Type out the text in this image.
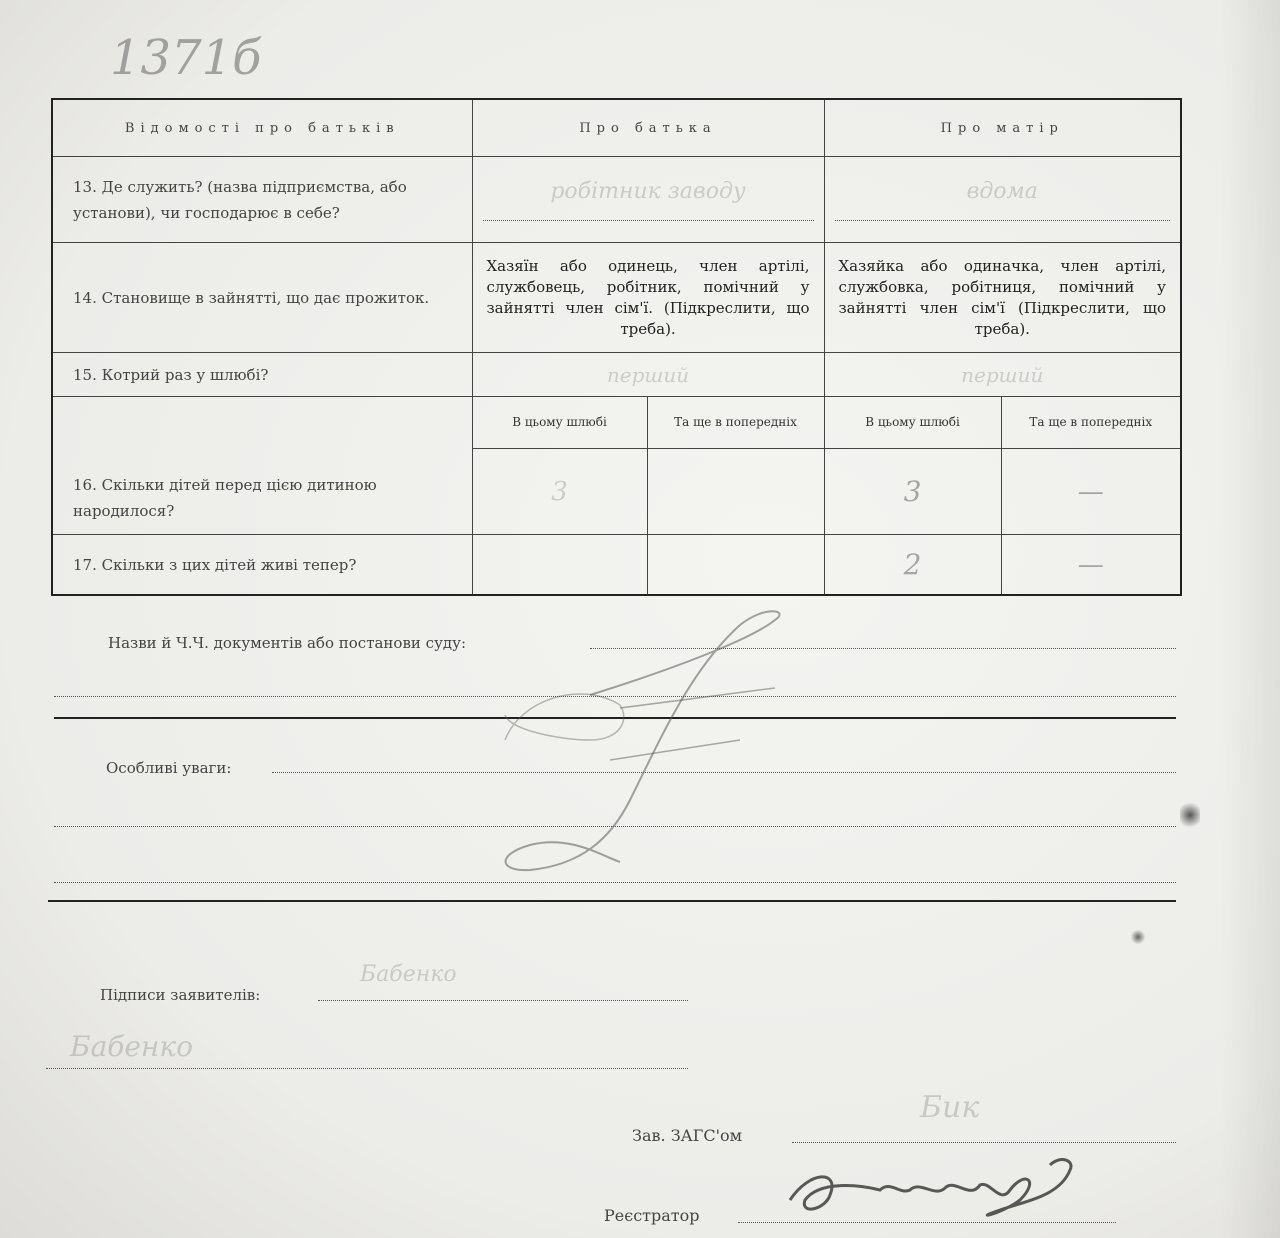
1371б
Відомості про батьків	Про батька		Про матір	
13. Де служить? (назва підприємства, або установи), чи господарює в себе?	робітник заводу		вдома	

14. Становище в зайнятті, що дає прожиток.	Хазяїн або одинець, член артілі, службовець, робітник, помічний у зайнятті член сім'ї. (Підкреслити, що треба).		Хазяйка або одиначка, член артілі, службовка, робітниця, помічний у зайнятті член сім'ї (Підкреслити, що треба).	
15. Котрий раз у шлюбі?	перший		перший	
16. Скільки дітей перед цією дитиною народилося?	В цьому шлюбі	Та ще в попередніх	В цьому шлюбі	Та ще в попередніх
	3		3	—
17. Скільки з цих дітей живі тепер?			2	—
Назви й Ч.Ч. документів або постанови суду:
Особливі уваги:
Підписи заявителів:
Бабенко
Бабенко
Зав. ЗАГС'ом
Бик
Реєстратор
